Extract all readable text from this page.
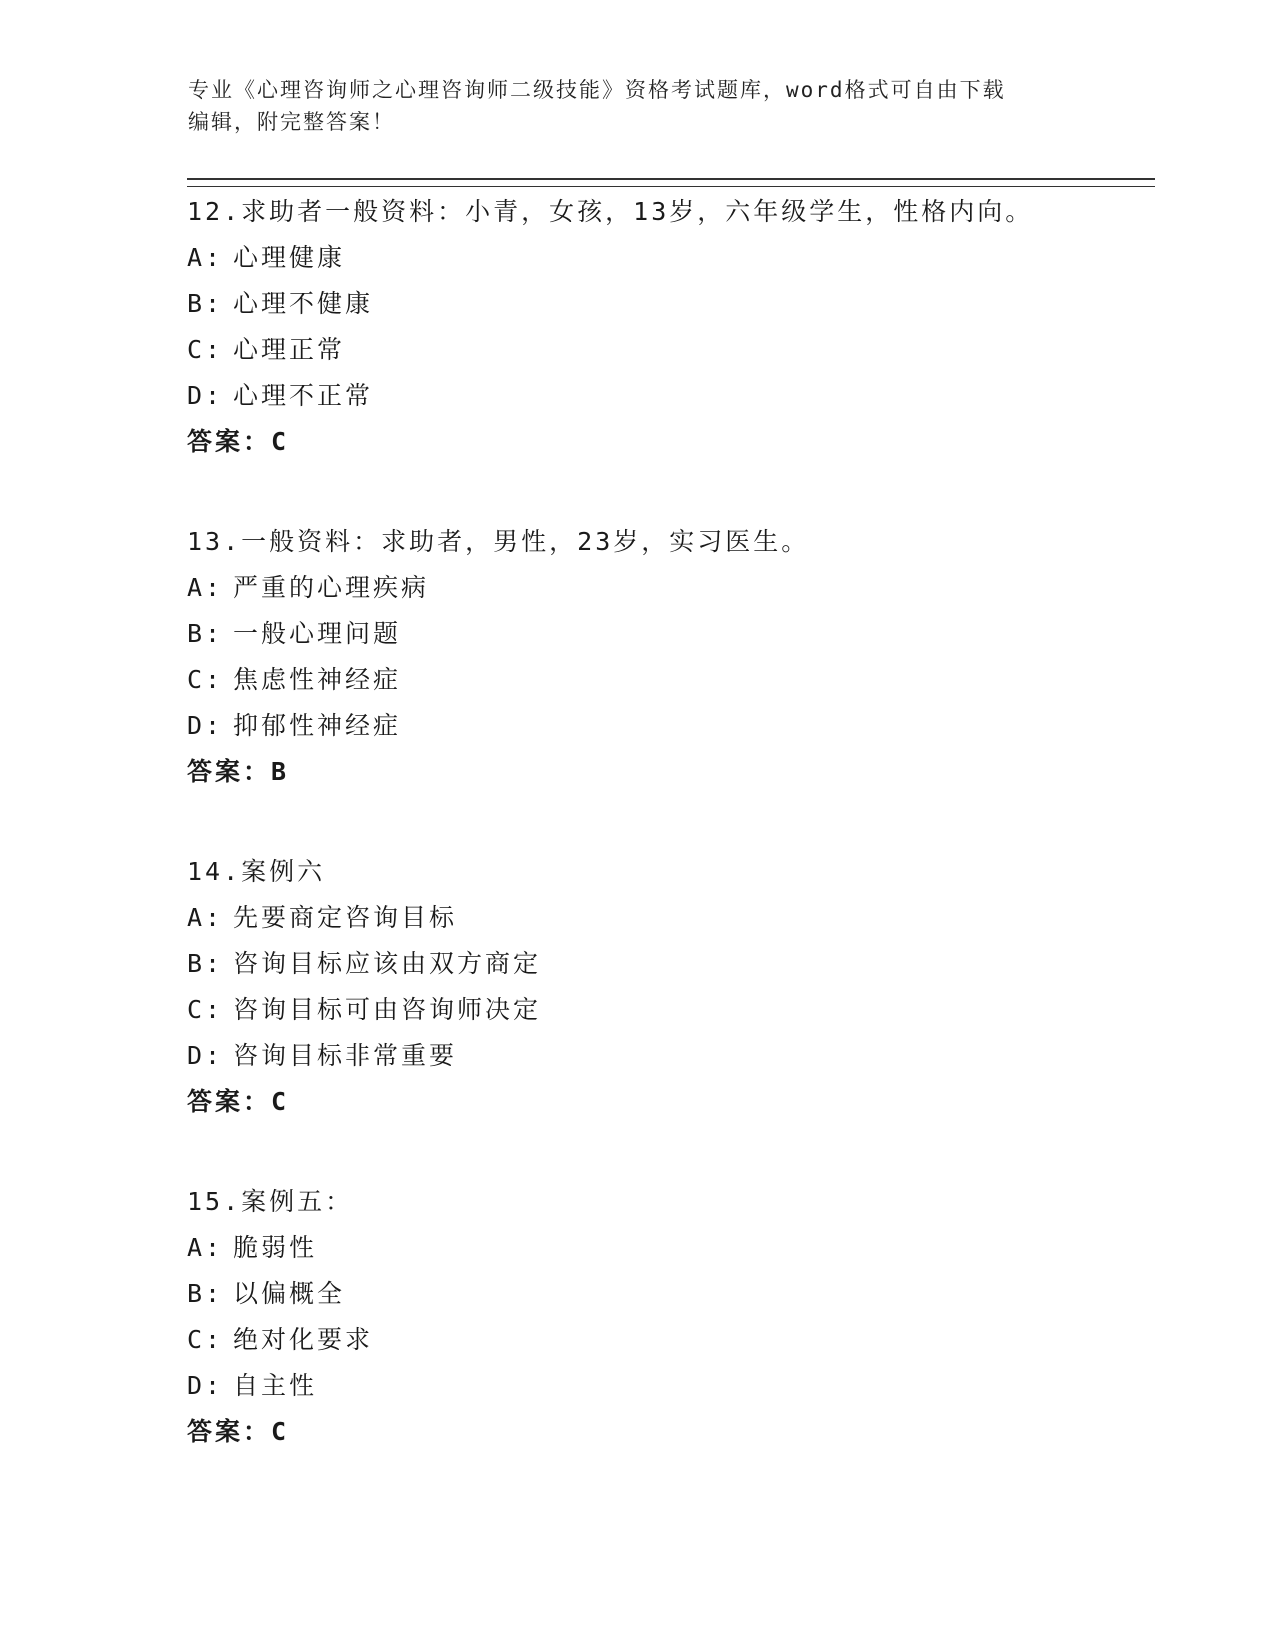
专业《心理咨询师之心理咨询师二级技能》资格考试题库，word格式可自由下载
编辑，附完整答案！
12.求助者一般资料：小青，女孩，13岁，六年级学生，性格内向。
A: 心理健康
B: 心理不健康
C: 心理正常
D: 心理不正常
答案：C
13.一般资料：求助者，男性，23岁，实习医生。
A: 严重的心理疾病
B: 一般心理问题
C: 焦虑性神经症
D: 抑郁性神经症
答案：B
14.案例六
A: 先要商定咨询目标
B: 咨询目标应该由双方商定
C: 咨询目标可由咨询师决定
D: 咨询目标非常重要
答案：C
15.案例五：
A: 脆弱性
B: 以偏概全
C: 绝对化要求
D: 自主性
答案：C
